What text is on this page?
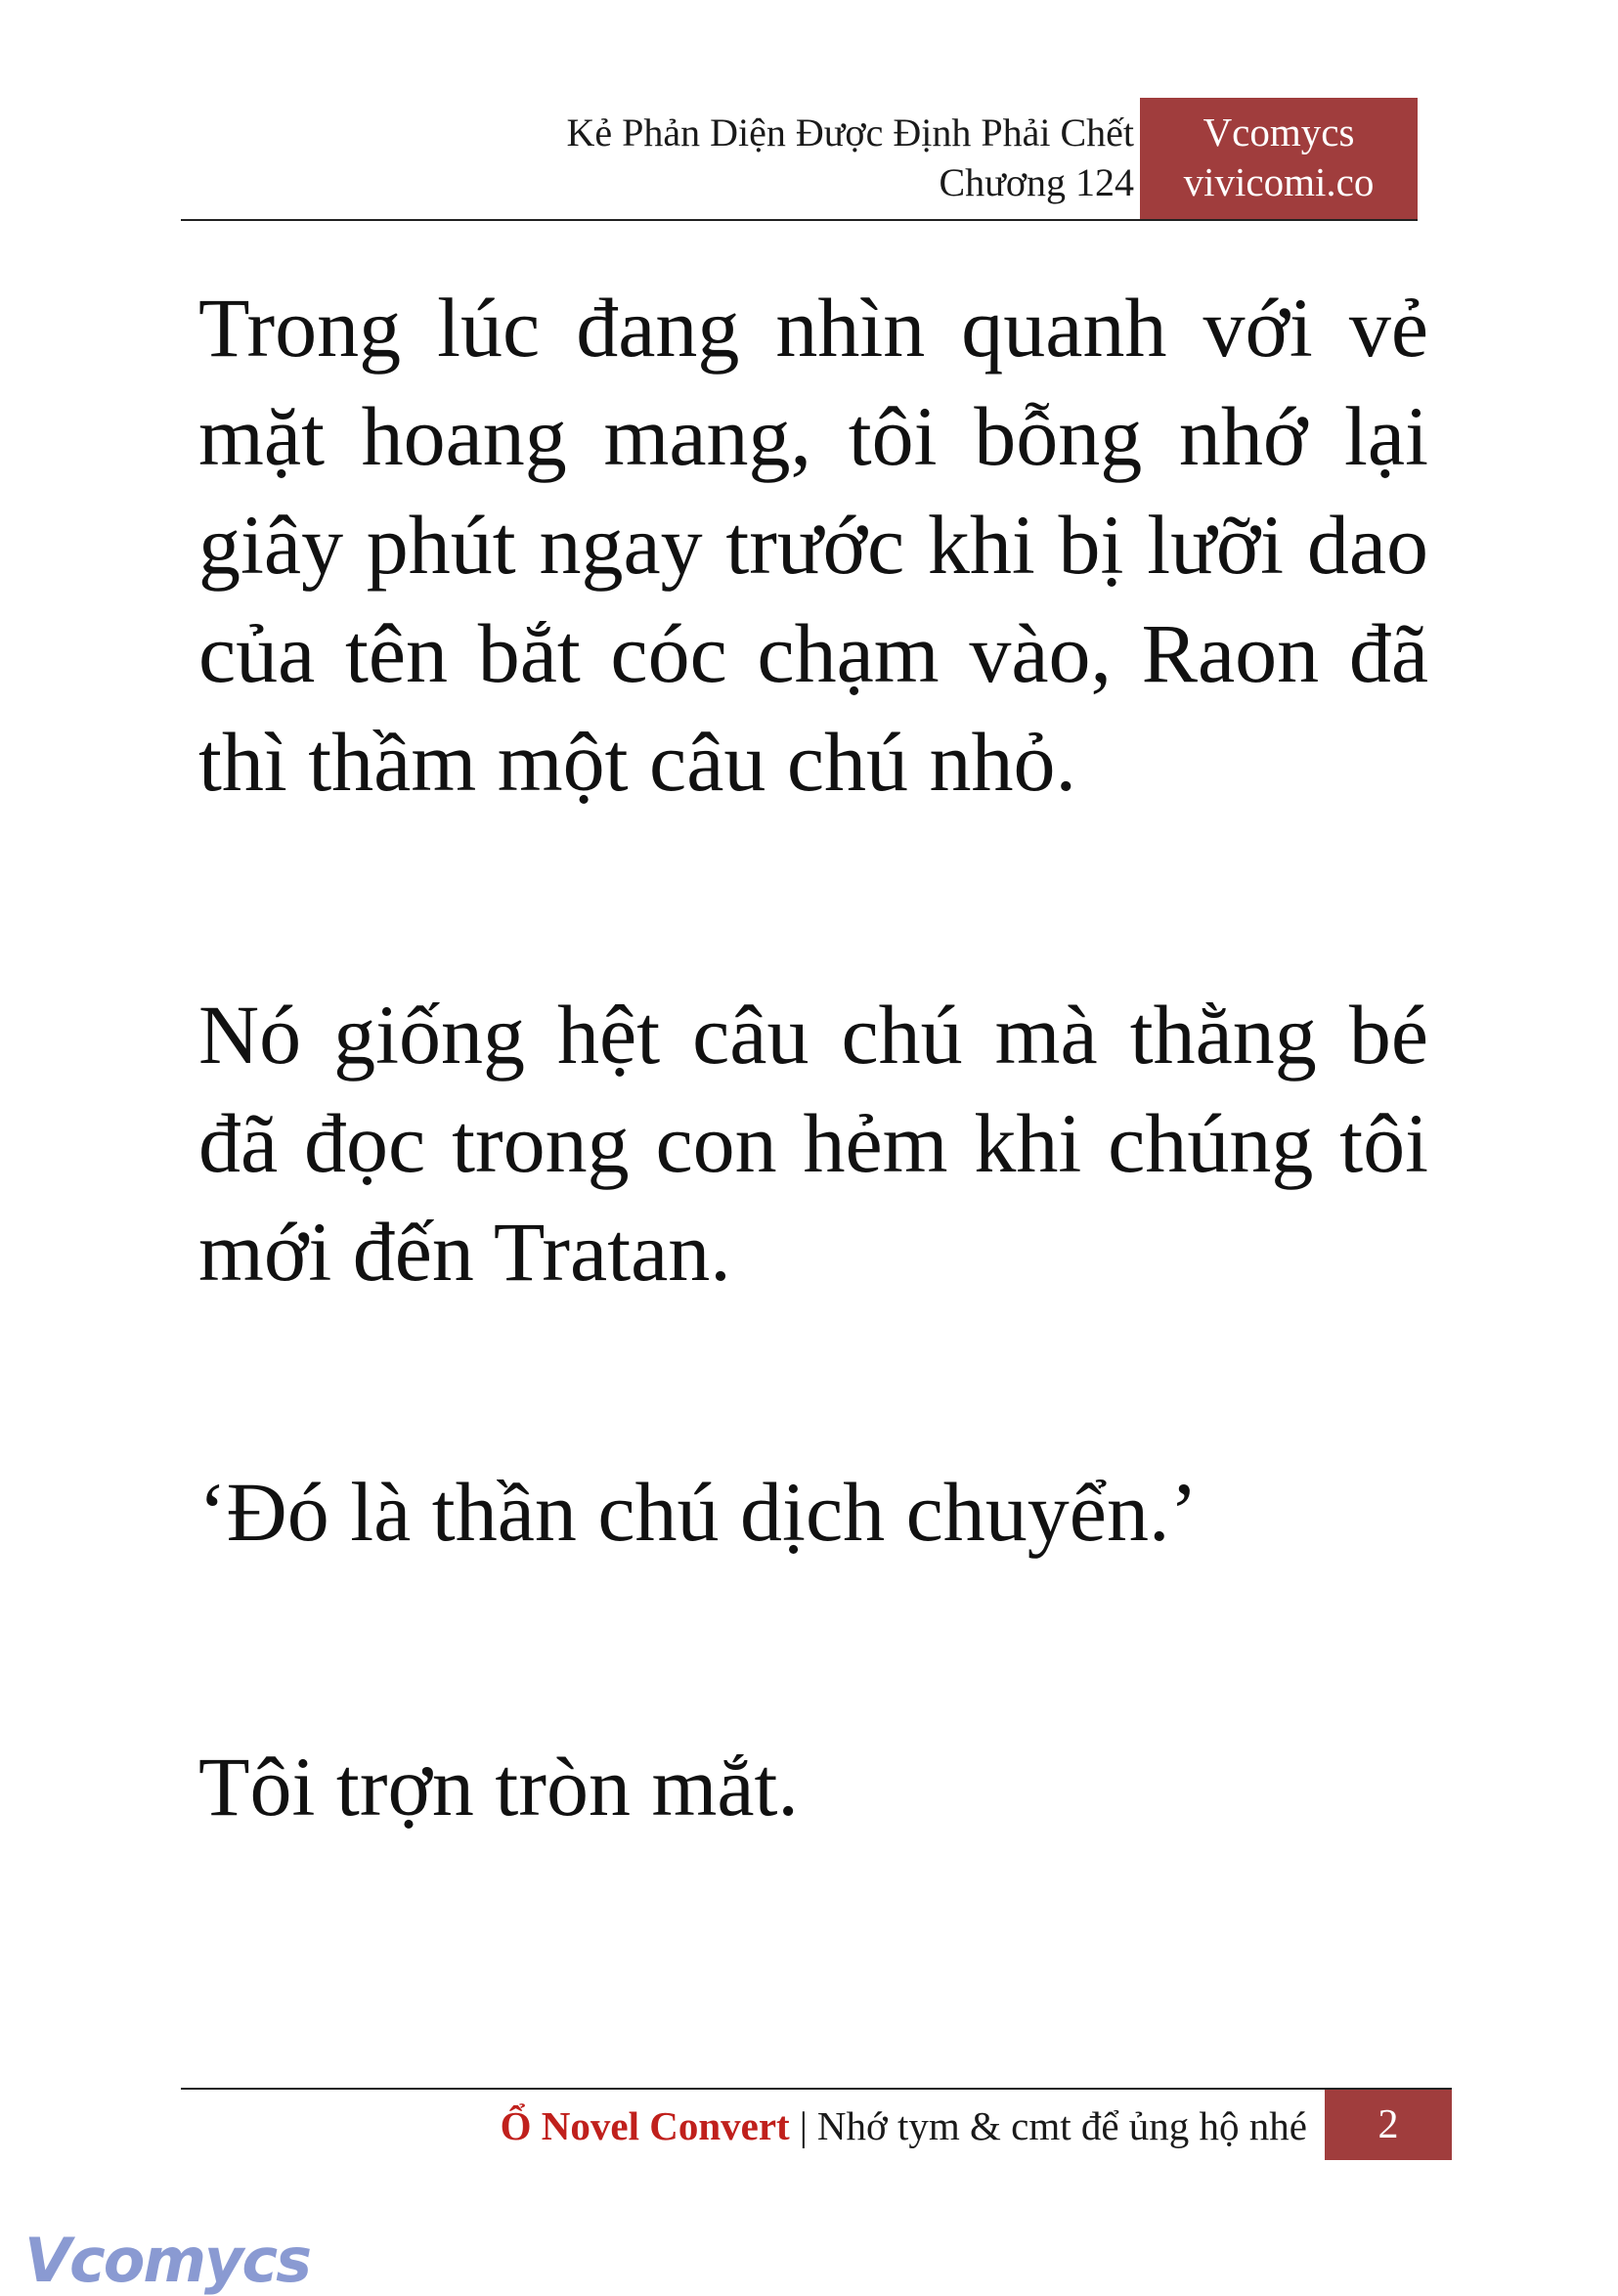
Kẻ Phản Diện Được Định Phải Chết
Chương 124
Vcomycs
vivicomi.co

Trong lúc đang nhìn quanh với vẻ mặt hoang mang, tôi bỗng nhớ lại giây phút ngay trước khi bị lưỡi dao của tên bắt cóc chạm vào, Raon đã thì thầm một câu chú nhỏ.

Nó giống hệt câu chú mà thằng bé đã đọc trong con hẻm khi chúng tôi mới đến Tratan.

‘Đó là thần chú dịch chuyển.’

Tôi trợn tròn mắt.

Ổ Novel Convert | Nhớ tym & cmt để ủng hộ nhé	2
Vcomycs
